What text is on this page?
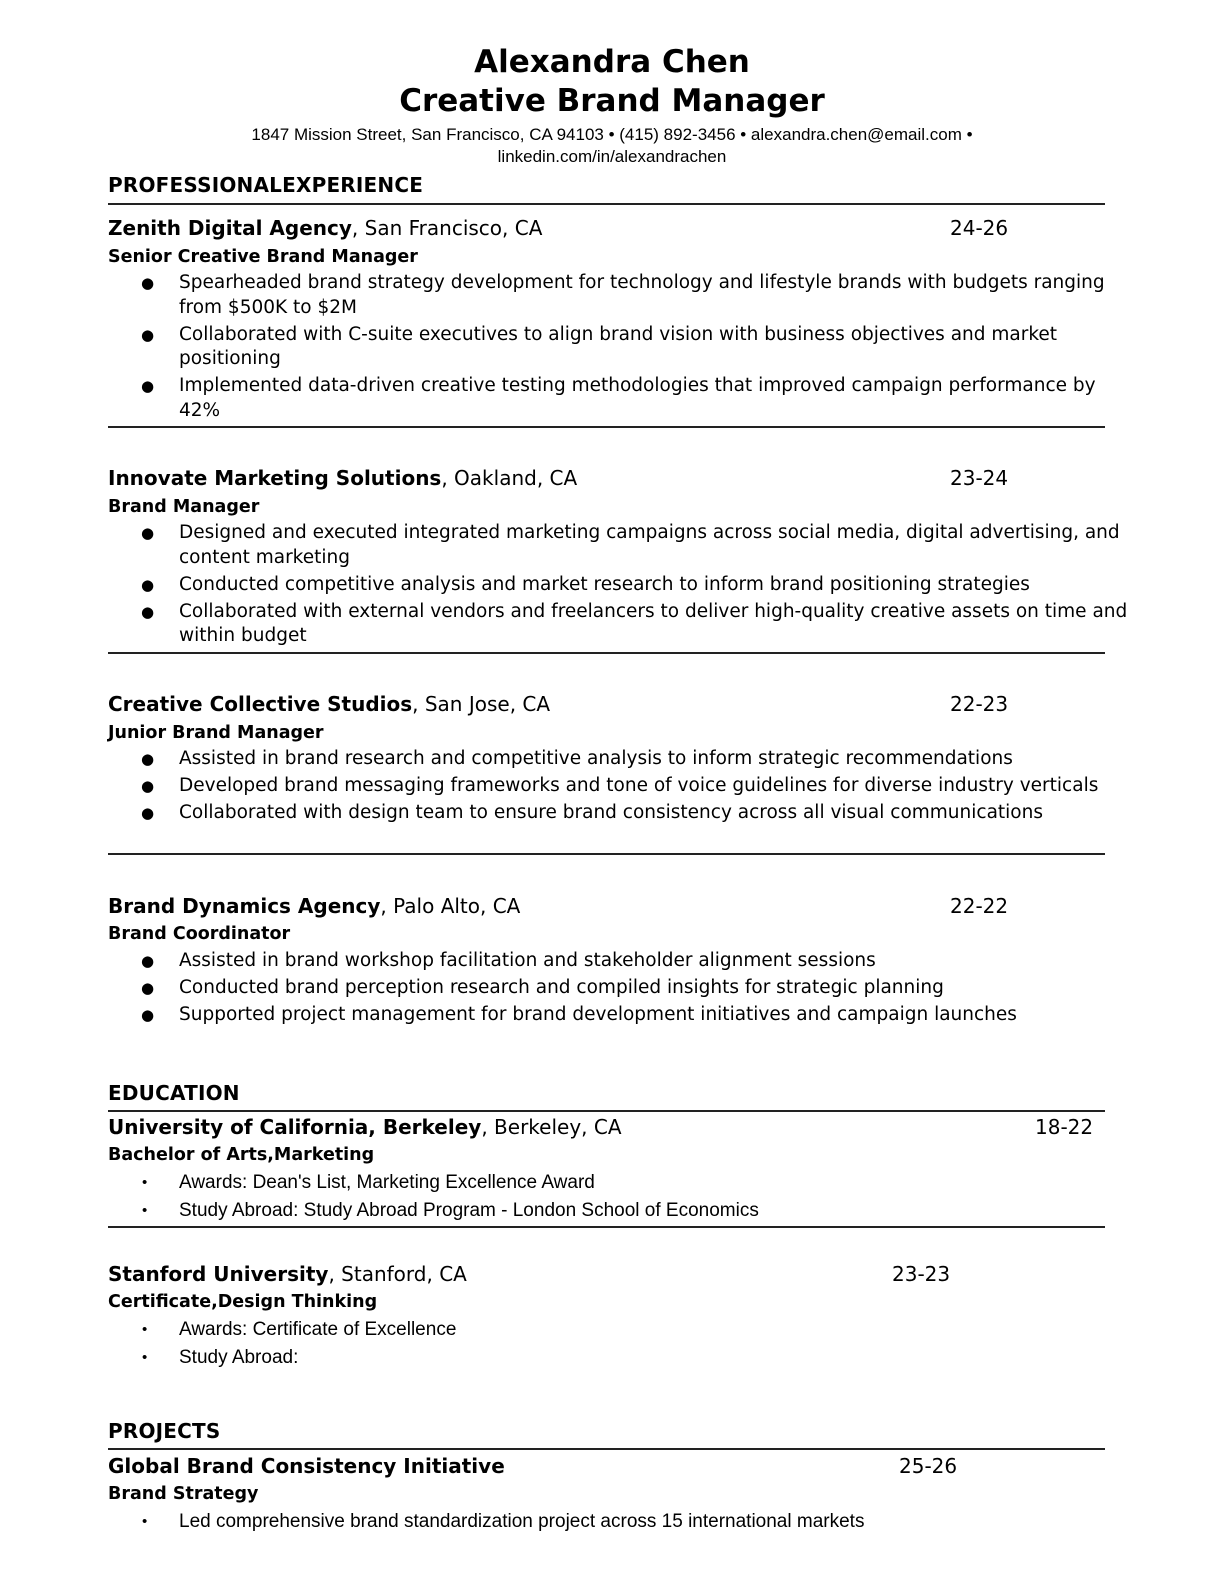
Alexandra Chen
Creative Brand Manager
1847 Mission Street, San Francisco, CA 94103 • (415) 892-3456 • alexandra.chen@email.com •
linkedin.com/in/alexandrachen
PROFESSIONALEXPERIENCE
Zenith Digital Agency, San Francisco, CA	24-26
Senior Creative Brand Manager
● Spearheaded brand strategy development for technology and lifestyle brands with budgets ranging from $500K to $2M
● Collaborated with C-suite executives to align brand vision with business objectives and market positioning
● Implemented data-driven creative testing methodologies that improved campaign performance by 42%
Innovate Marketing Solutions, Oakland, CA	23-24
Brand Manager
● Designed and executed integrated marketing campaigns across social media, digital advertising, and content marketing
● Conducted competitive analysis and market research to inform brand positioning strategies
● Collaborated with external vendors and freelancers to deliver high-quality creative assets on time and within budget
Creative Collective Studios, San Jose, CA	22-23
Junior Brand Manager
● Assisted in brand research and competitive analysis to inform strategic recommendations
● Developed brand messaging frameworks and tone of voice guidelines for diverse industry verticals
● Collaborated with design team to ensure brand consistency across all visual communications
Brand Dynamics Agency, Palo Alto, CA	22-22
Brand Coordinator
● Assisted in brand workshop facilitation and stakeholder alignment sessions
● Conducted brand perception research and compiled insights for strategic planning
● Supported project management for brand development initiatives and campaign launches
EDUCATION
University of California, Berkeley, Berkeley, CA	18-22
Bachelor of Arts,Marketing
• Awards: Dean's List, Marketing Excellence Award
• Study Abroad: Study Abroad Program - London School of Economics
Stanford University, Stanford, CA	23-23
Certificate,Design Thinking
• Awards: Certificate of Excellence
• Study Abroad:
PROJECTS
Global Brand Consistency Initiative	25-26
Brand Strategy
• Led comprehensive brand standardization project across 15 international markets
